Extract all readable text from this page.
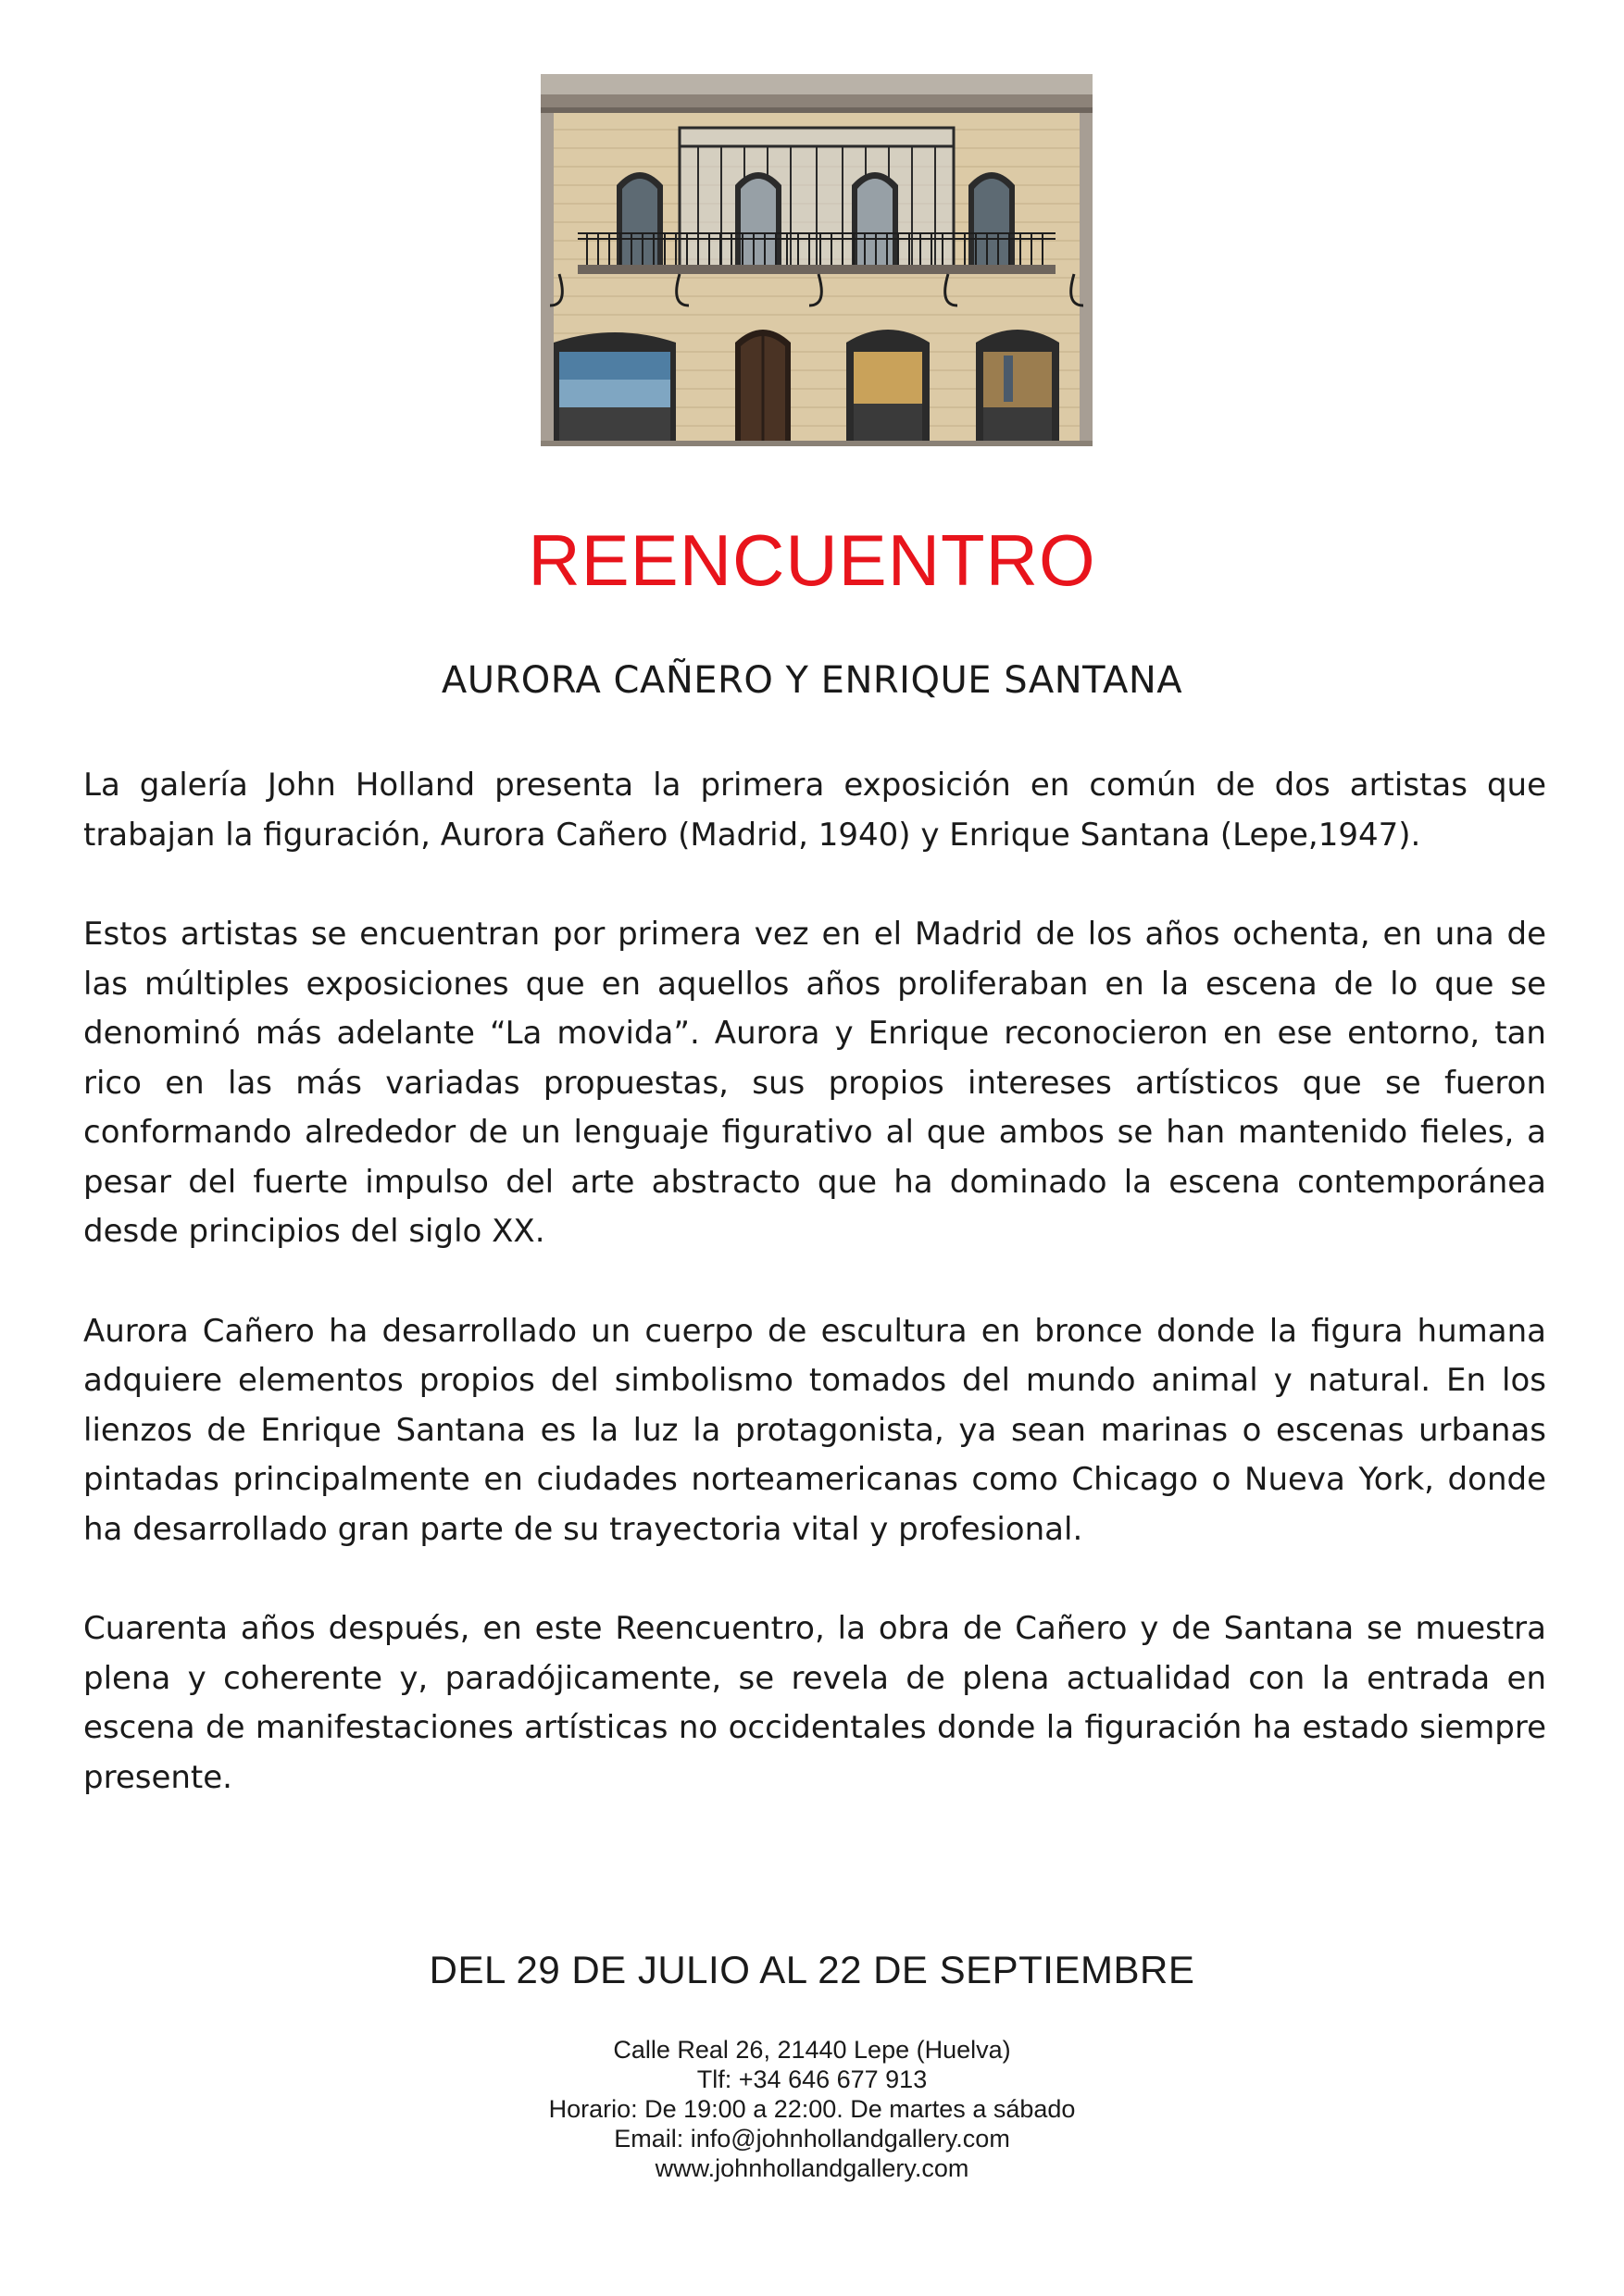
REENCUENTRO
AURORA CAÑERO Y ENRIQUE SANTANA

La galería John Holland presenta la primera exposición en común de dos artistas que trabajan la figuración, Aurora Cañero (Madrid, 1940) y Enrique Santana (Lepe,1947).

Estos artistas se encuentran por primera vez en el Madrid de los años ochenta, en una de las múltiples exposiciones que en aquellos años proliferaban en la escena de lo que se denominó más adelante “La movida”. Aurora y Enrique reconocieron en ese entorno, tan rico en las más variadas propuestas, sus propios intereses artísticos que se fueron conformando alrededor de un lenguaje figurativo al que ambos se han mantenido fieles, a pesar del fuerte impulso del arte abstracto que ha dominado la escena contemporánea desde principios del siglo XX.

Aurora Cañero ha desarrollado un cuerpo de escultura en bronce donde la figura humana adquiere elementos propios del simbolismo tomados del mundo animal y natural. En los lienzos de Enrique Santana es la luz la protagonista, ya sean marinas o escenas urbanas pintadas principalmente en ciudades norteamericanas como Chicago o Nueva York, donde ha desarrollado gran parte de su trayectoria vital y profesional.

Cuarenta años después, en este Reencuentro, la obra de Cañero y de Santana se muestra plena y coherente y, paradójicamente, se revela de plena actualidad con la entrada en escena de manifestaciones artísticas no occidentales donde la figuración ha estado siempre presente.

DEL 29 DE JULIO AL 22 DE SEPTIEMBRE
Calle Real 26, 21440 Lepe (Huelva)
Tlf: +34 646 677 913
Horario: De 19:00 a 22:00. De martes a sábado
Email: info@johnhollandgallery.com
www.johnhollandgallery.com
